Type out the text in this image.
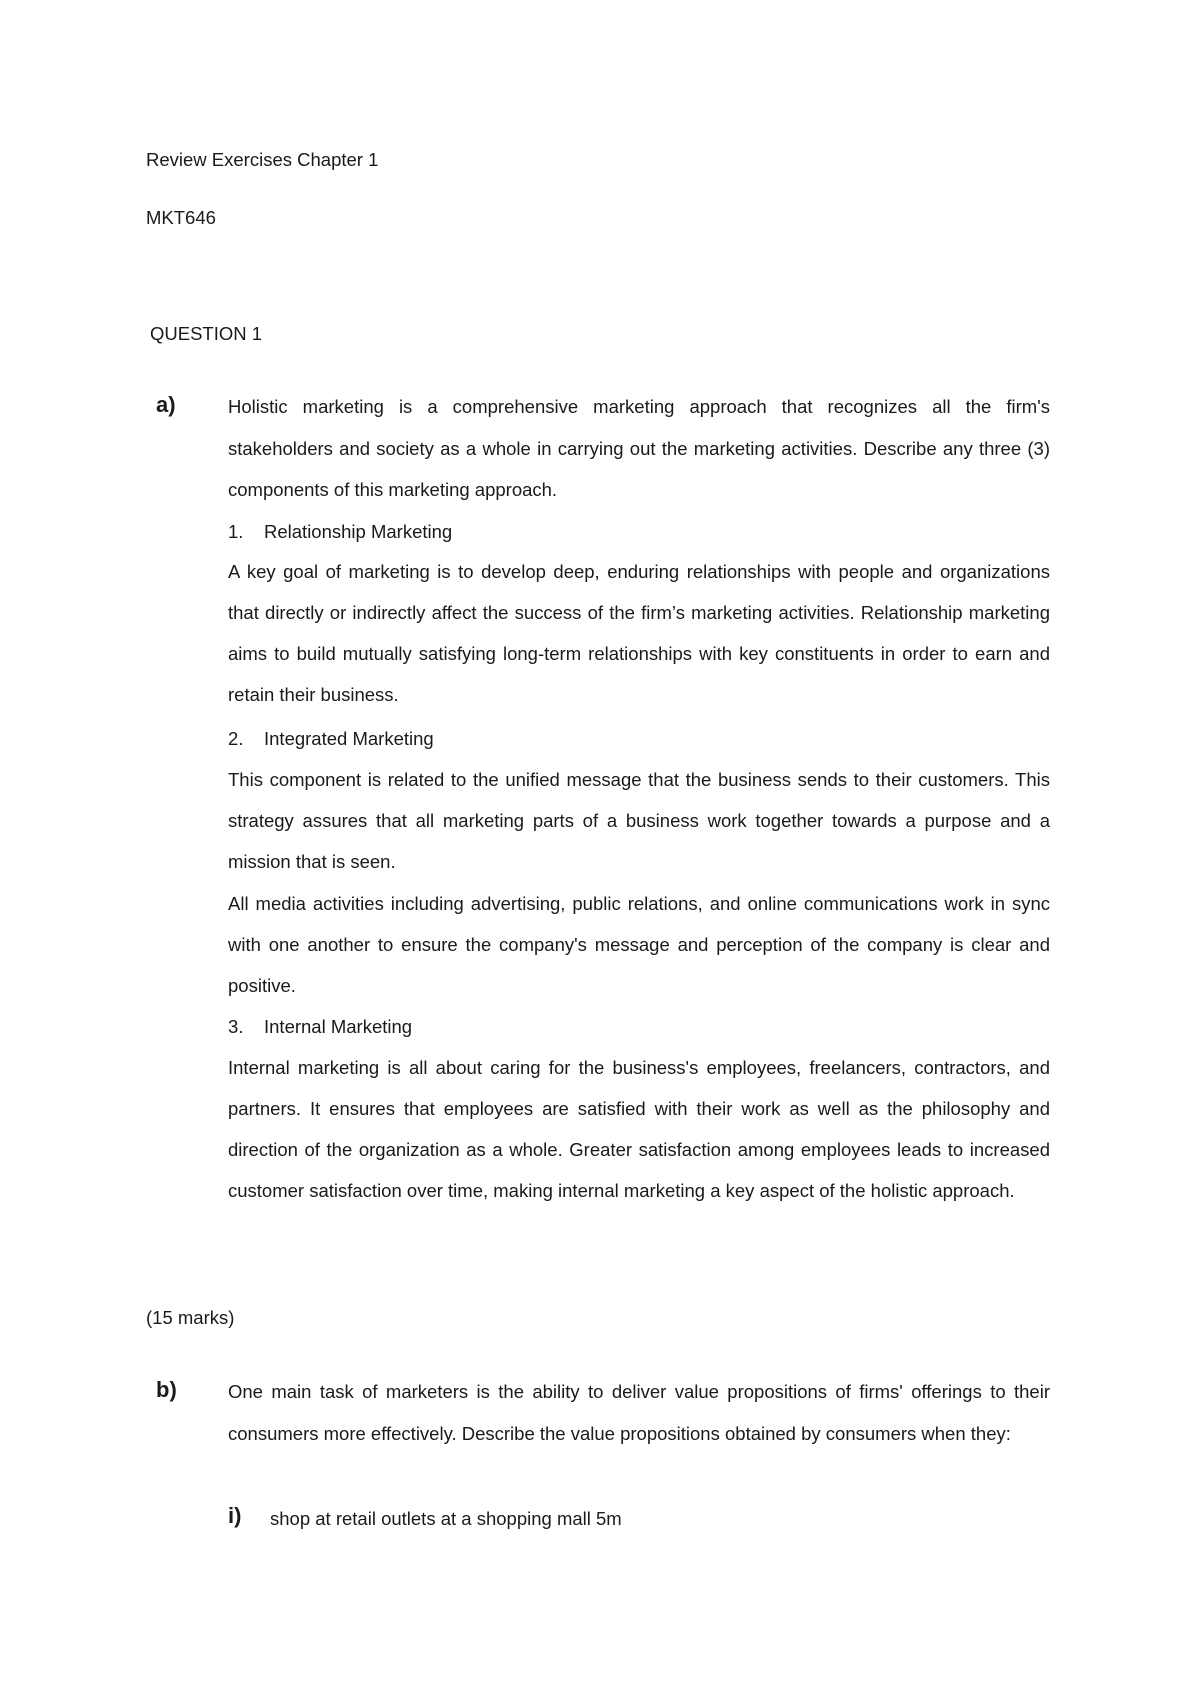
Review Exercises Chapter 1
MKT646
QUESTION 1
a)	Holistic marketing is a comprehensive marketing approach that recognizes all the firm's stakeholders and society as a whole in carrying out the marketing activities. Describe any three (3) components of this marketing approach.
1. Relationship Marketing
A key goal of marketing is to develop deep, enduring relationships with people and organizations that directly or indirectly affect the success of the firm’s marketing activities. Relationship marketing aims to build mutually satisfying long-term relationships with key constituents in order to earn and retain their business.
2. Integrated Marketing
This component is related to the unified message that the business sends to their customers. This strategy assures that all marketing parts of a business work together towards a purpose and a mission that is seen.
All media activities including advertising, public relations, and online communications work in sync with one another to ensure the company's message and perception of the company is clear and positive.
3. Internal Marketing
Internal marketing is all about caring for the business's employees, freelancers, contractors, and partners. It ensures that employees are satisfied with their work as well as the philosophy and direction of the organization as a whole. Greater satisfaction among employees leads to increased customer satisfaction over time, making internal marketing a key aspect of the holistic approach.
(15 marks)
b)	One main task of marketers is the ability to deliver value propositions of firms' offerings to their consumers more effectively. Describe the value propositions obtained by consumers when they:
i) shop at retail outlets at a shopping mall 5m
